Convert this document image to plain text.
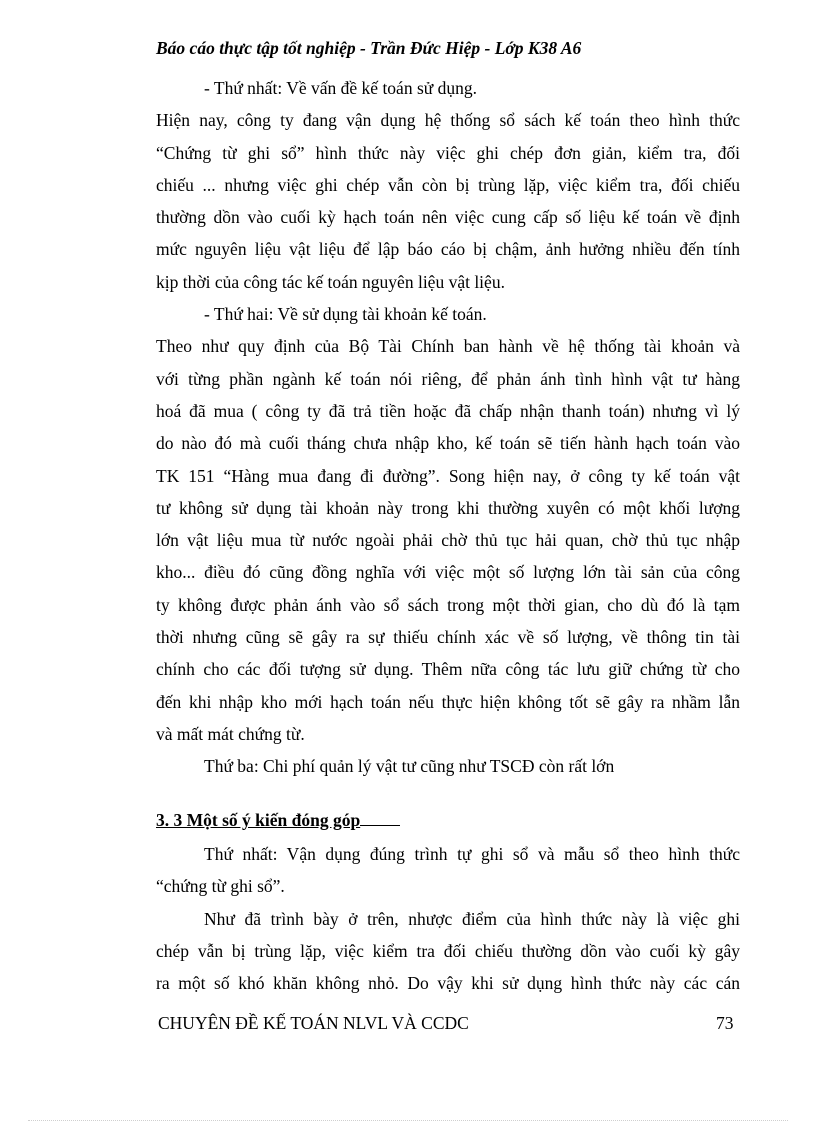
Báo cáo thực tập tốt nghiệp - Trần Đức Hiệp - Lớp K38 A6
- Thứ nhất: Về vấn đề kế toán sử dụng.
Hiện nay, công ty đang vận dụng hệ thống sổ sách kế toán theo hình thức
“Chứng từ ghi sổ” hình thức này việc ghi chép đơn giản, kiểm tra, đối
chiếu ... nhưng việc ghi chép vẫn còn bị trùng lặp, việc kiểm tra, đối chiếu
thường dồn vào cuối kỳ hạch toán nên việc cung cấp số liệu kế toán về định
mức nguyên liệu vật liệu để lập báo cáo bị chậm, ảnh hưởng nhiều đến tính
kịp thời của công tác kế toán nguyên liệu vật liệu.
- Thứ hai: Về sử dụng tài khoản kế toán.
Theo như quy định của Bộ Tài Chính ban hành về hệ thống tài khoản và
với từng phần ngành kế toán nói riêng, để phản ánh tình hình vật tư hàng
hoá đã mua ( công ty đã trả tiền hoặc đã chấp nhận thanh toán) nhưng vì lý
do nào đó mà cuối tháng chưa nhập kho, kế toán sẽ tiến hành hạch toán vào
TK 151 “Hàng mua đang đi đường”. Song hiện nay, ở công ty kế toán vật
tư không sử dụng tài khoản này trong khi thường xuyên có một khối lượng
lớn vật liệu mua từ nước ngoài phải chờ thủ tục hải quan, chờ thủ tục nhập
kho... điều đó cũng đồng nghĩa với việc một số lượng lớn tài sản của công
ty không được phản ánh vào sổ sách trong một thời gian, cho dù đó là tạm
thời nhưng cũng sẽ gây ra sự thiếu chính xác về số lượng, về thông tin tài
chính cho các đối tượng sử dụng. Thêm nữa công tác lưu giữ chứng từ cho
đến khi nhập kho mới hạch toán nếu thực hiện không tốt sẽ gây ra nhầm lẫn
và mất mát chứng từ.
Thứ ba: Chi phí quản lý vật tư cũng như TSCĐ còn rất lớn
3. 3 Một số ý kiến đóng góp
Thứ nhất: Vận dụng đúng trình tự ghi sổ và mẫu sổ theo hình thức
“chứng từ ghi sổ”.
Như đã trình bày ở trên, nhược điểm của hình thức này là việc ghi
chép vẫn bị trùng lặp, việc kiểm tra đối chiếu thường dồn vào cuối kỳ gây
ra một số khó khăn không nhỏ. Do vậy khi sử dụng hình thức này các cán
CHUYÊN ĐỀ KẾ TOÁN NLVL VÀ CCDC	73
